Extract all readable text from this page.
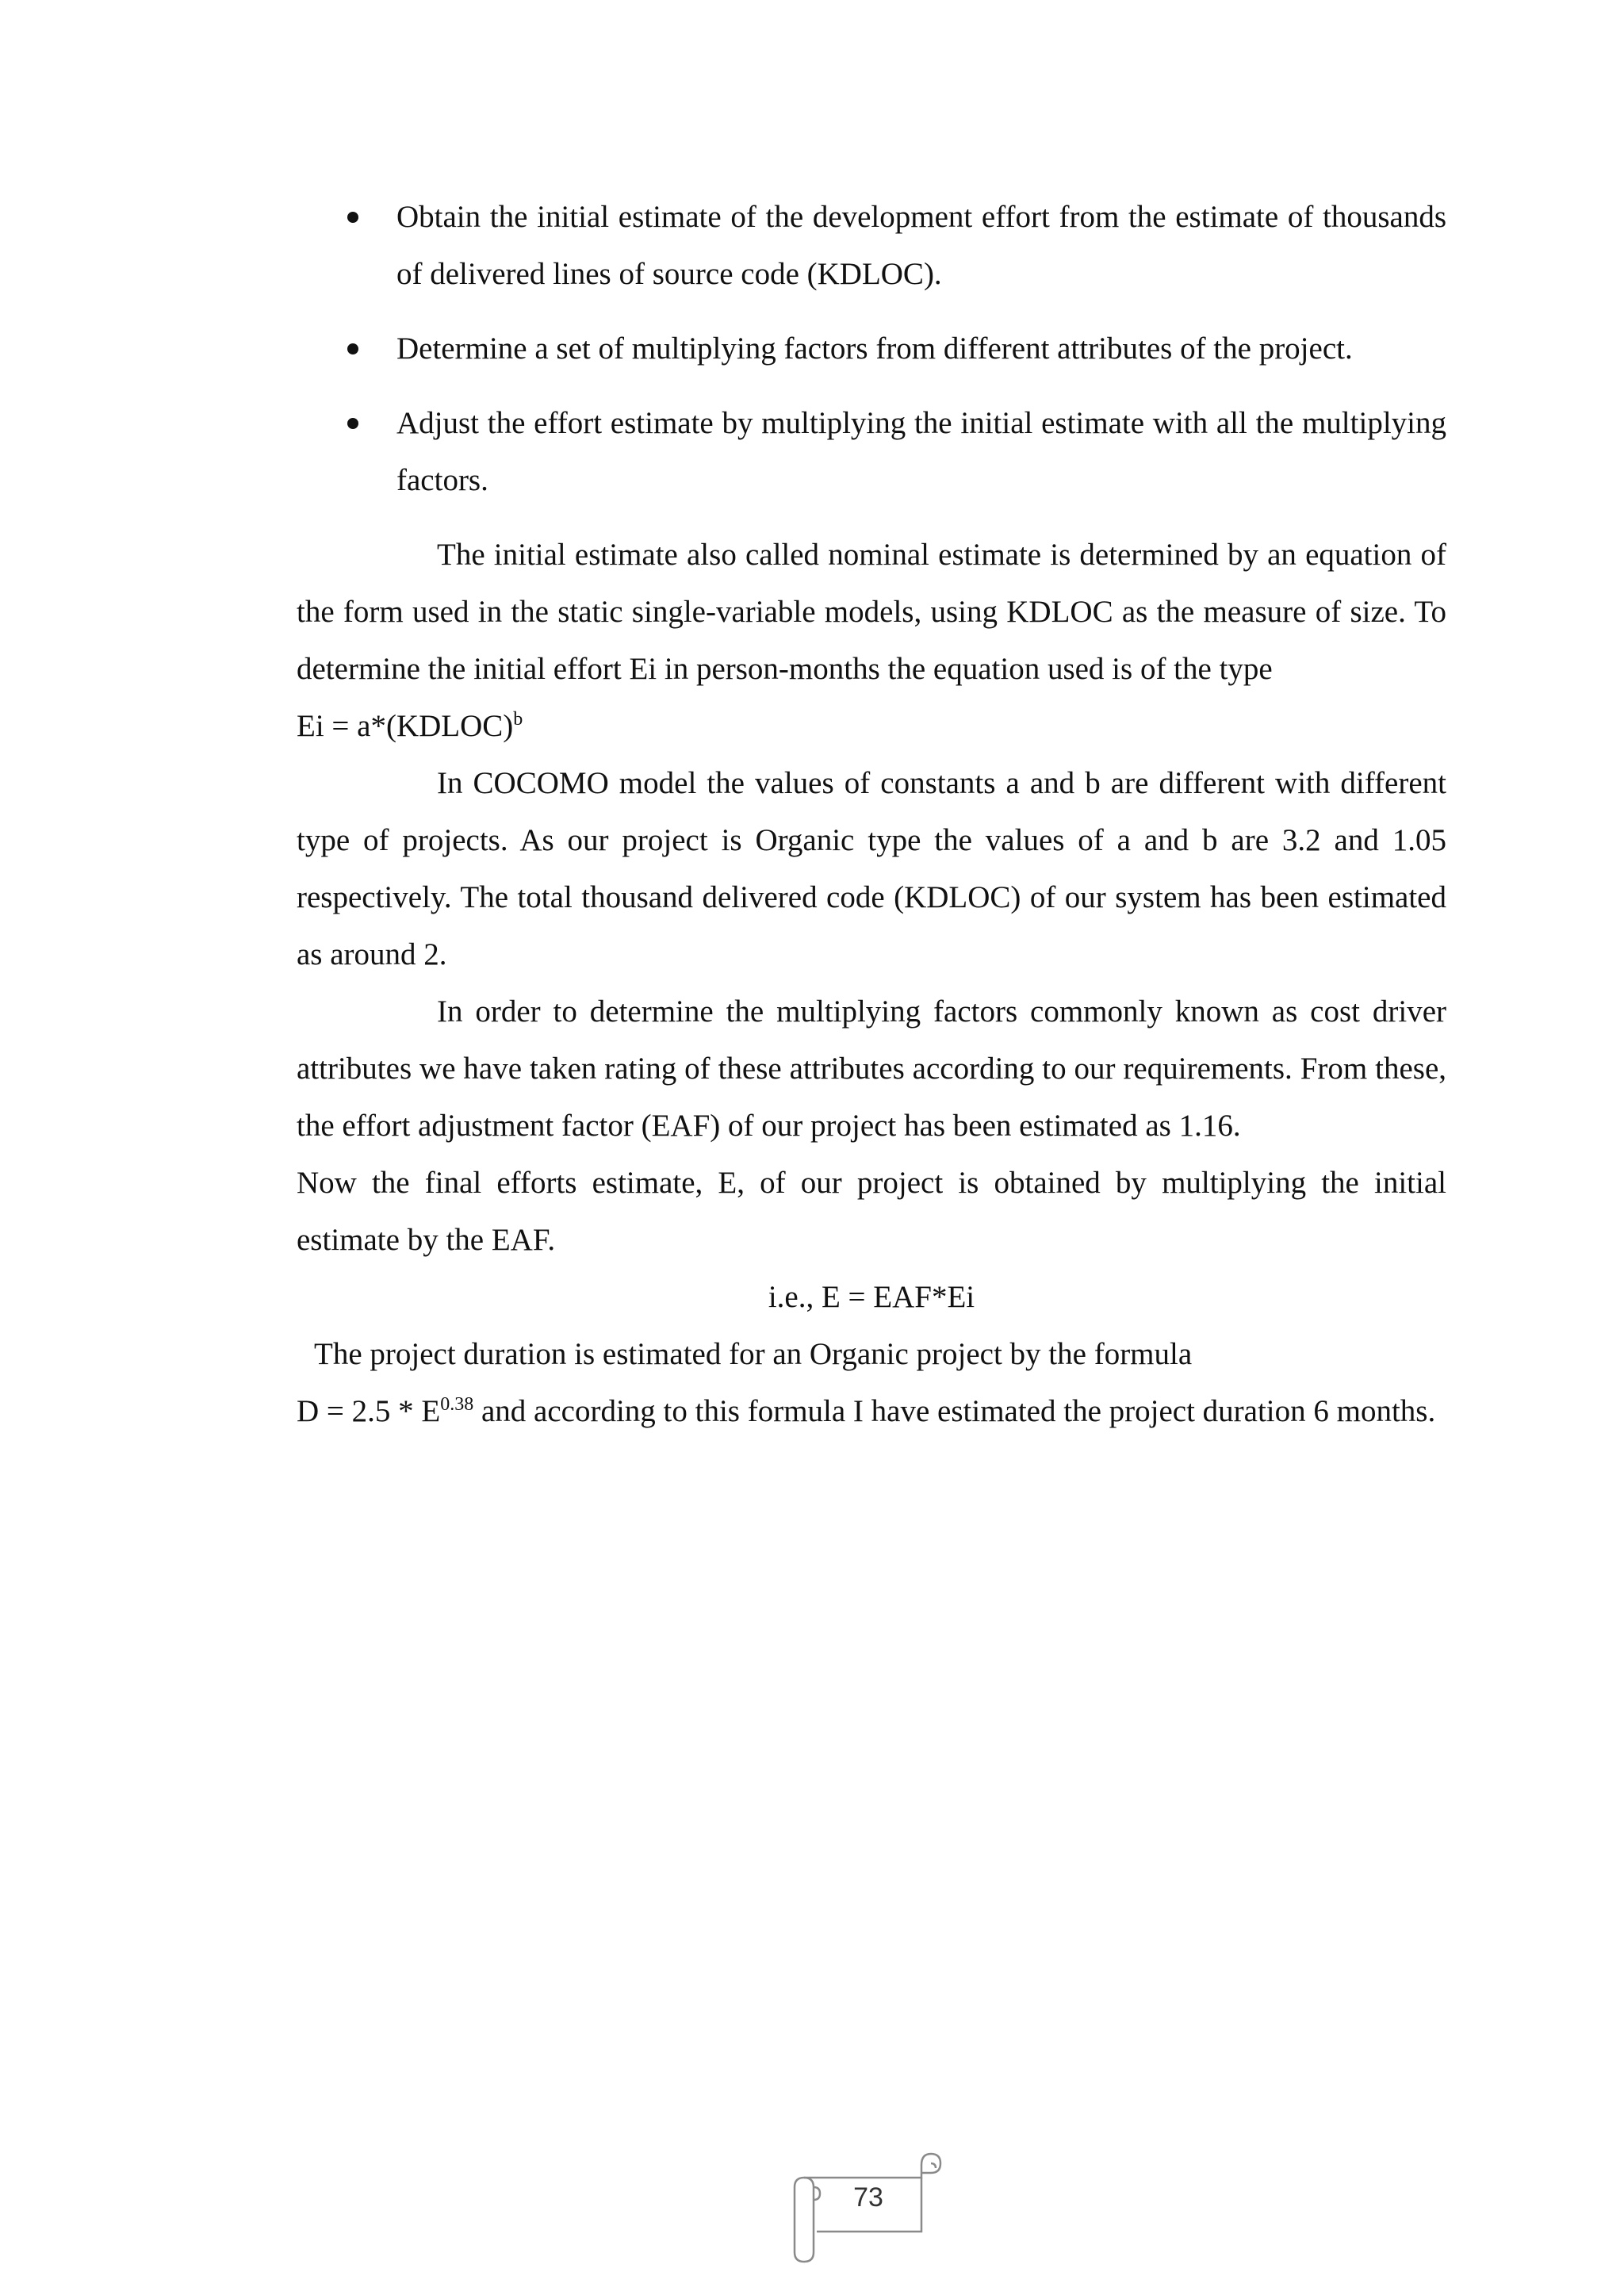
Obtain the initial estimate of the development effort from the estimate of thousands of delivered lines of source code (KDLOC).
Determine a set of multiplying factors from different attributes of the project.
Adjust the effort estimate by multiplying the initial estimate with all the multiplying factors.

The initial estimate also called nominal estimate is determined by an equation of the form used in the static single-variable models, using KDLOC as the measure of size. To determine the initial effort Ei in person-months the equation used is of the type

Ei = a*(KDLOC)$^b$

In COCOMO model the values of constants a and b are different with different type of projects. As our project is Organic type the values of a and b are 3.2 and 1.05 respectively. The total thousand delivered code (KDLOC) of our system has been estimated as around 2.

In order to determine the multiplying factors commonly known as cost driver attributes we have taken rating of these attributes according to our requirements. From these, the effort adjustment factor (EAF) of our project has been estimated as 1.16.

Now the final efforts estimate, E, of our project is obtained by multiplying the initial estimate by the EAF.

i.e., E = EAF*Ei

The project duration is estimated for an Organic project by the formula

$D = 2.5 * E^{0.38}$ and according to this formula I have estimated the project duration 6 months.

73
